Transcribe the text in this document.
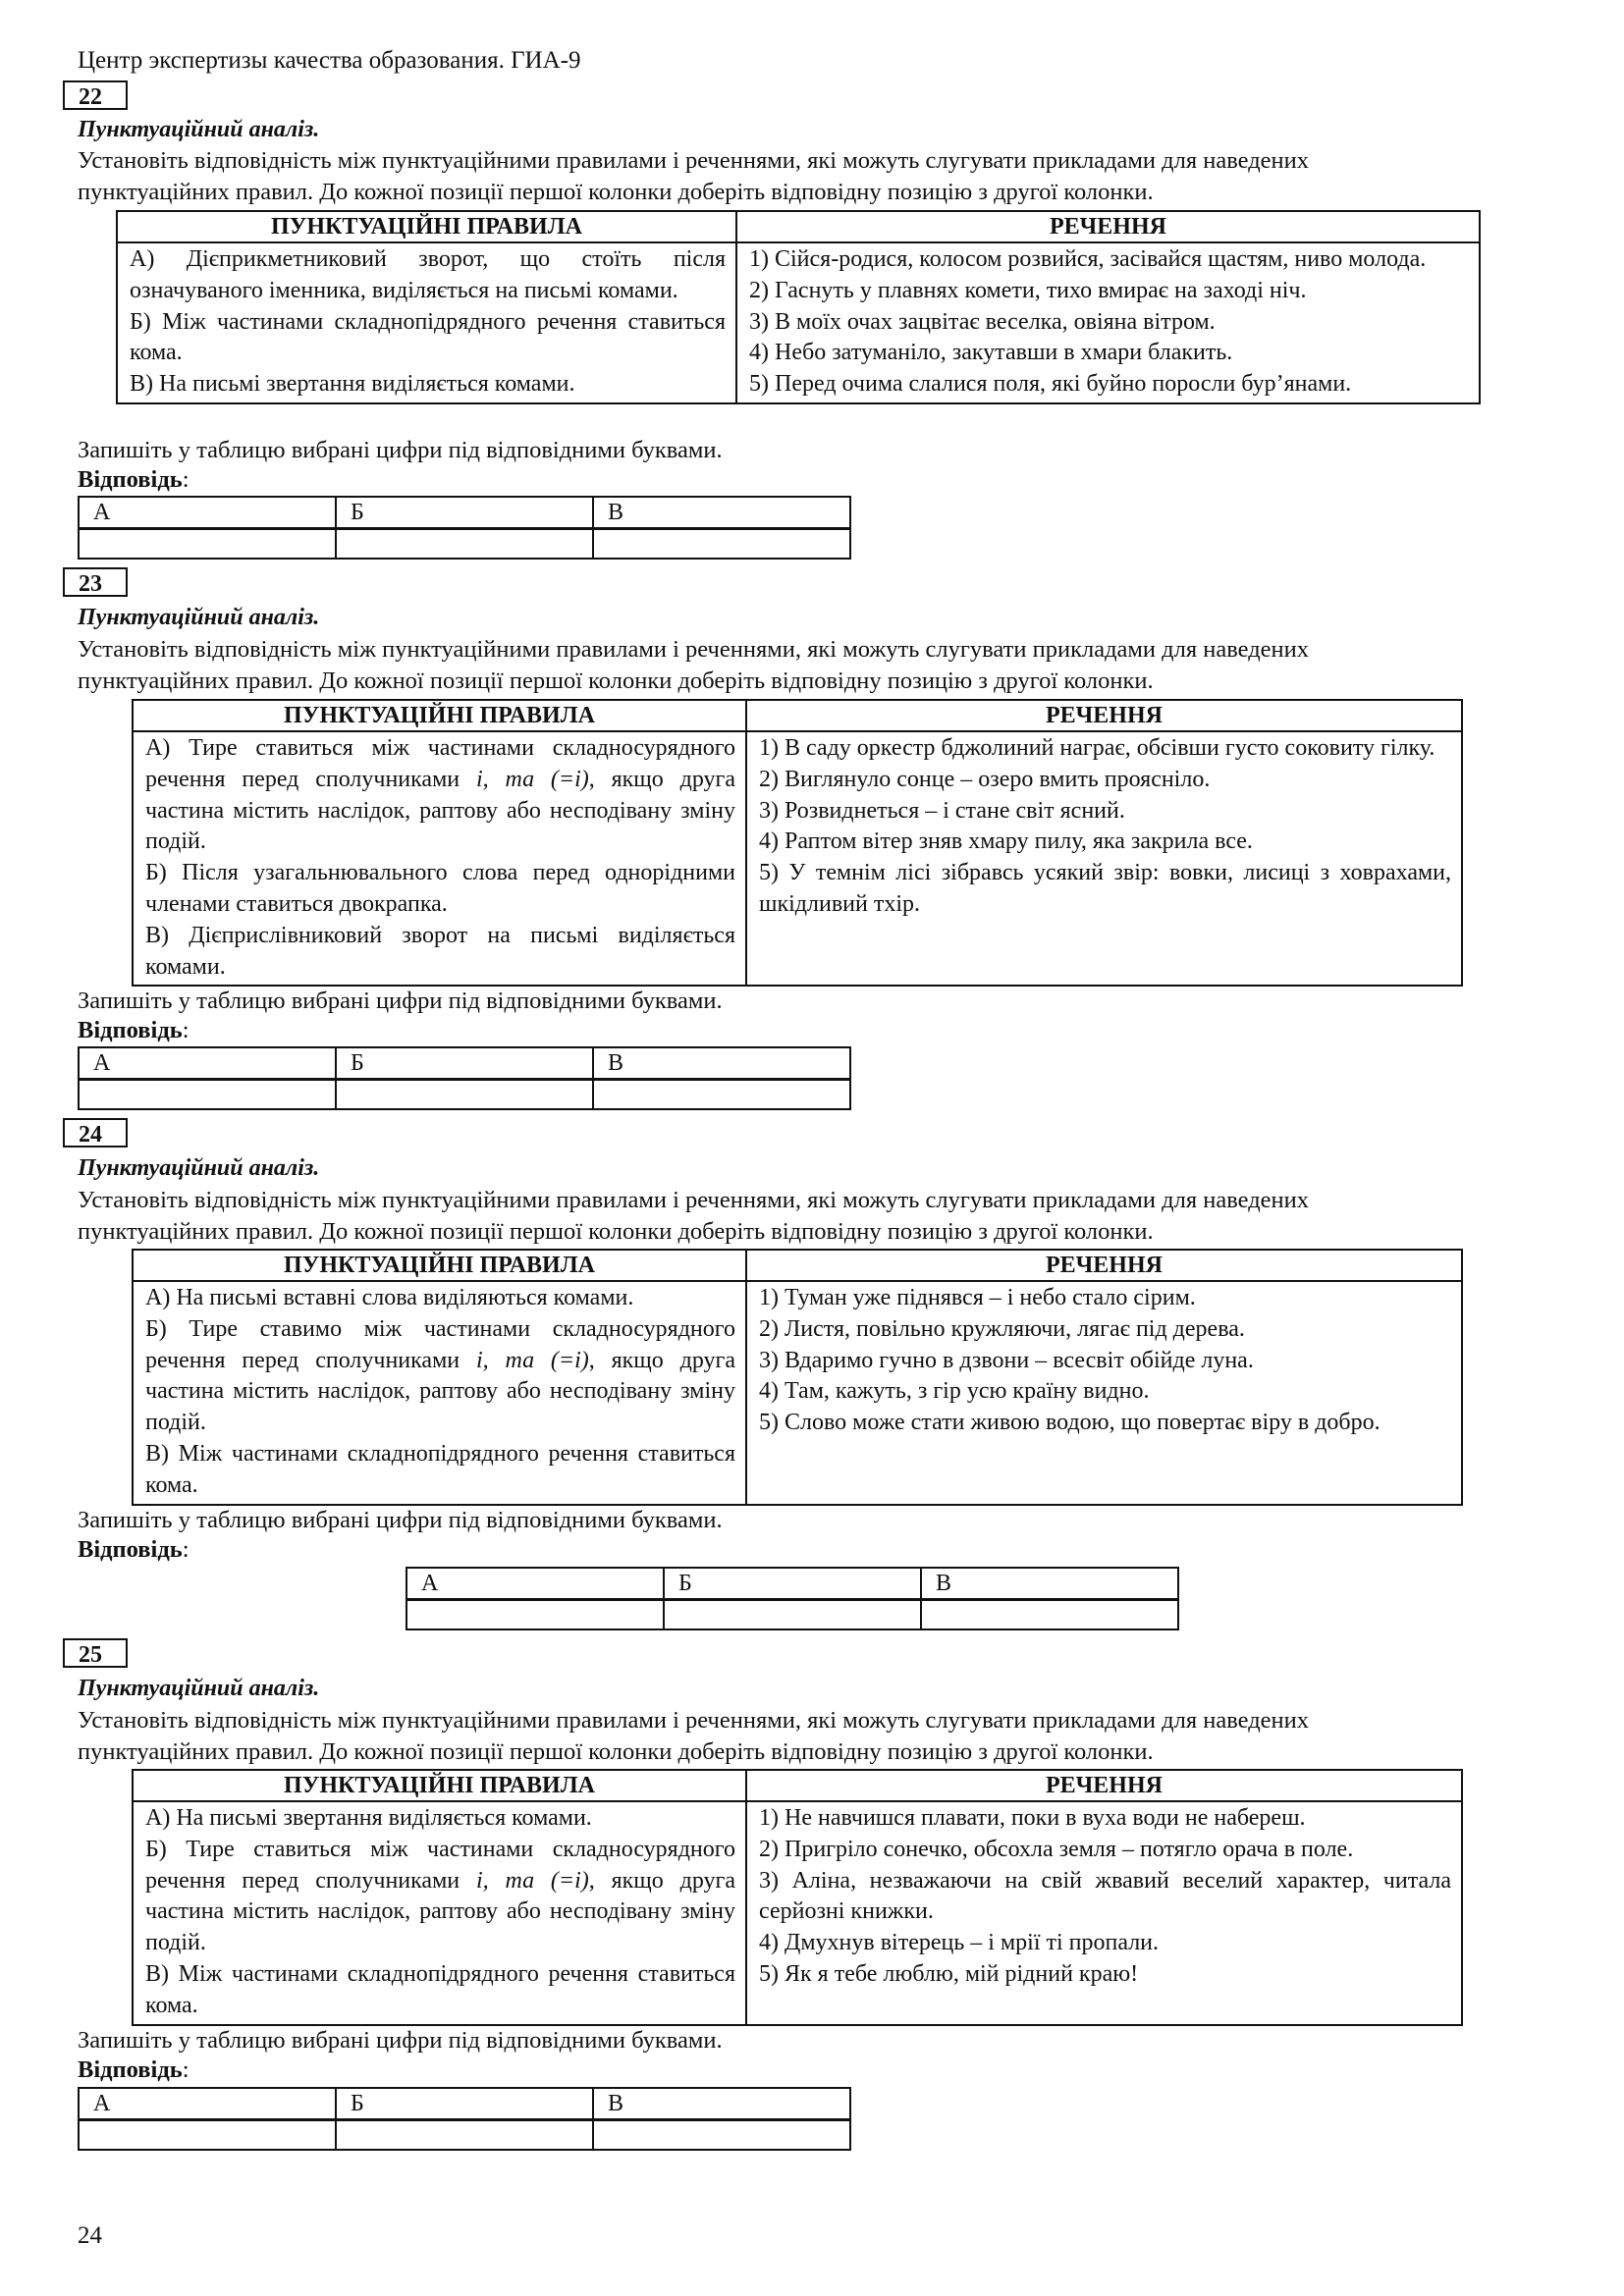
Центр экспертизы качества образования. ГИА-9
22
Пунктуаційний аналіз.
Установіть відповідність між пунктуаційними правилами і реченнями, які можуть слугувати прикладами для наведених
пунктуаційних правил. До кожної позиції першої колонки доберіть відповідну позицію з другої колонки.
ПУНКТУАЦІЙНІ ПРАВИЛА	РЕЧЕННЯ

А) Дієприкметниковий зворот, що стоїть після означуваного іменника, виділяється на письмі комами.
Б) Між частинами складнопідрядного речення ставиться кома.
В) На письмі звертання виділяється комами.

1) Сійся-родися, колосом розвийся, засівайся щастям, ниво молода.
2) Гаснуть у плавнях комети, тихо вмирає на заході ніч.
3) В моїх очах зацвітає веселка, овіяна вітром.
4) Небо затуманіло, закутавши в хмари блакить.
5) Перед очима слалися поля, які буйно поросли бур’янами.
Запишіть у таблицю вибрані цифри під відповідними буквами.
Відповідь:
А	Б	В

23
Пунктуаційний аналіз.
Установіть відповідність між пунктуаційними правилами і реченнями, які можуть слугувати прикладами для наведених
пунктуаційних правил. До кожної позиції першої колонки доберіть відповідну позицію з другої колонки.
ПУНКТУАЦІЙНІ ПРАВИЛА	РЕЧЕННЯ

А) Тире ставиться між частинами складносурядного речення перед сполучниками і, та (=і), якщо друга частина містить наслідок, раптову або несподівану зміну подій.
Б) Після узагальнювального слова перед однорідними членами ставиться двокрапка.
В) Дієприслівниковий зворот на письмі виділяється комами.

1) В саду оркестр бджолиний награє, обсівши густо соковиту гілку.
2) Виглянуло сонце – озеро вмить прояснілo.
3) Розвиднеться – і стане світ ясний.
4) Раптом вітер зняв хмару пилу, яка закрила все.
5) У темнім лісі зібравсь усякий звір: вовки, лисиці з ховрахами, шкідливий тхір.
Запишіть у таблицю вибрані цифри під відповідними буквами.
Відповідь:
А	Б	В

24
Пунктуаційний аналіз.
Установіть відповідність між пунктуаційними правилами і реченнями, які можуть слугувати прикладами для наведених
пунктуаційних правил. До кожної позиції першої колонки доберіть відповідну позицію з другої колонки.
ПУНКТУАЦІЙНІ ПРАВИЛА	РЕЧЕННЯ

А) На письмі вставні слова виділяються комами.
Б) Тире ставимо між частинами складносурядного речення перед сполучниками і, та (=і), якщо друга частина містить наслідок, раптову або несподівану зміну подій.
В) Між частинами складнопідрядного речення ставиться кома.

1) Туман уже піднявся – і небо стало сірим.
2) Листя, повільно кружляючи, лягає під дерева.
3) Вдаримо гучно в дзвони – всесвіт обійде луна.
4) Там, кажуть, з гір усю країну видно.
5) Слово може стати живою водою, що повертає віру в добро.
Запишіть у таблицю вибрані цифри під відповідними буквами.
Відповідь:
А	Б	В

25
Пунктуаційний аналіз.
Установіть відповідність між пунктуаційними правилами і реченнями, які можуть слугувати прикладами для наведених
пунктуаційних правил. До кожної позиції першої колонки доберіть відповідну позицію з другої колонки.
ПУНКТУАЦІЙНІ ПРАВИЛА	РЕЧЕННЯ

А) На письмі звертання виділяється комами.
Б) Тире ставиться між частинами складносурядного речення перед сполучниками і, та (=і), якщо друга частина містить наслідок, раптову або несподівану зміну подій.
В) Між частинами складнопідрядного речення ставиться кома.

1) Не навчишся плавати, поки в вуха води не набереш.
2) Пригріло сонечко, обсохла земля – потягло орача в поле.
3) Аліна, незважаючи на свій жвавий веселий характер, читала серйозні книжки.
4) Дмухнув вітерець – і мрії ті пропали.
5) Як я тебе люблю, мій рідний краю!
Запишіть у таблицю вибрані цифри під відповідними буквами.
Відповідь:
А	Б	В

24
